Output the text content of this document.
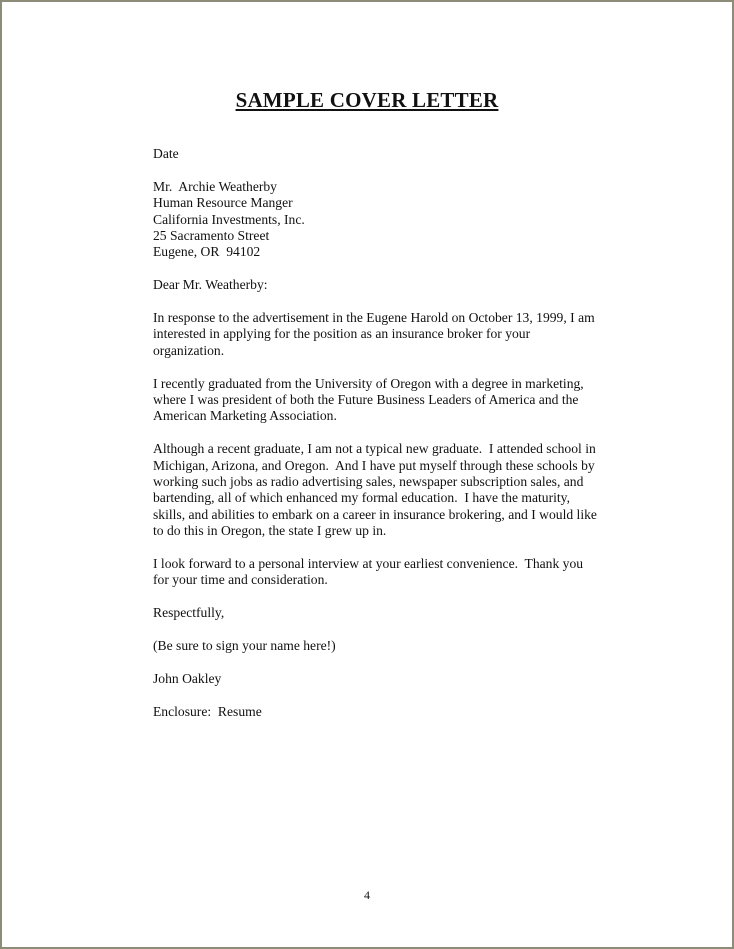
SAMPLE COVER LETTER
Date
Mr.  Archie Weatherby
Human Resource Manger
California Investments, Inc.
25 Sacramento Street
Eugene, OR  94102
Dear Mr. Weatherby:
In response to the advertisement in the Eugene Harold on October 13, 1999, I am
interested in applying for the position as an insurance broker for your
organization.
I recently graduated from the University of Oregon with a degree in marketing,
where I was president of both the Future Business Leaders of America and the
American Marketing Association.
Although a recent graduate, I am not a typical new graduate.  I attended school in
Michigan, Arizona, and Oregon.  And I have put myself through these schools by
working such jobs as radio advertising sales, newspaper subscription sales, and
bartending, all of which enhanced my formal education.  I have the maturity,
skills, and abilities to embark on a career in insurance brokering, and I would like
to do this in Oregon, the state I grew up in.
I look forward to a personal interview at your earliest convenience.  Thank you
for your time and consideration.
Respectfully,
(Be sure to sign your name here!)
John Oakley
Enclosure:  Resume
4
